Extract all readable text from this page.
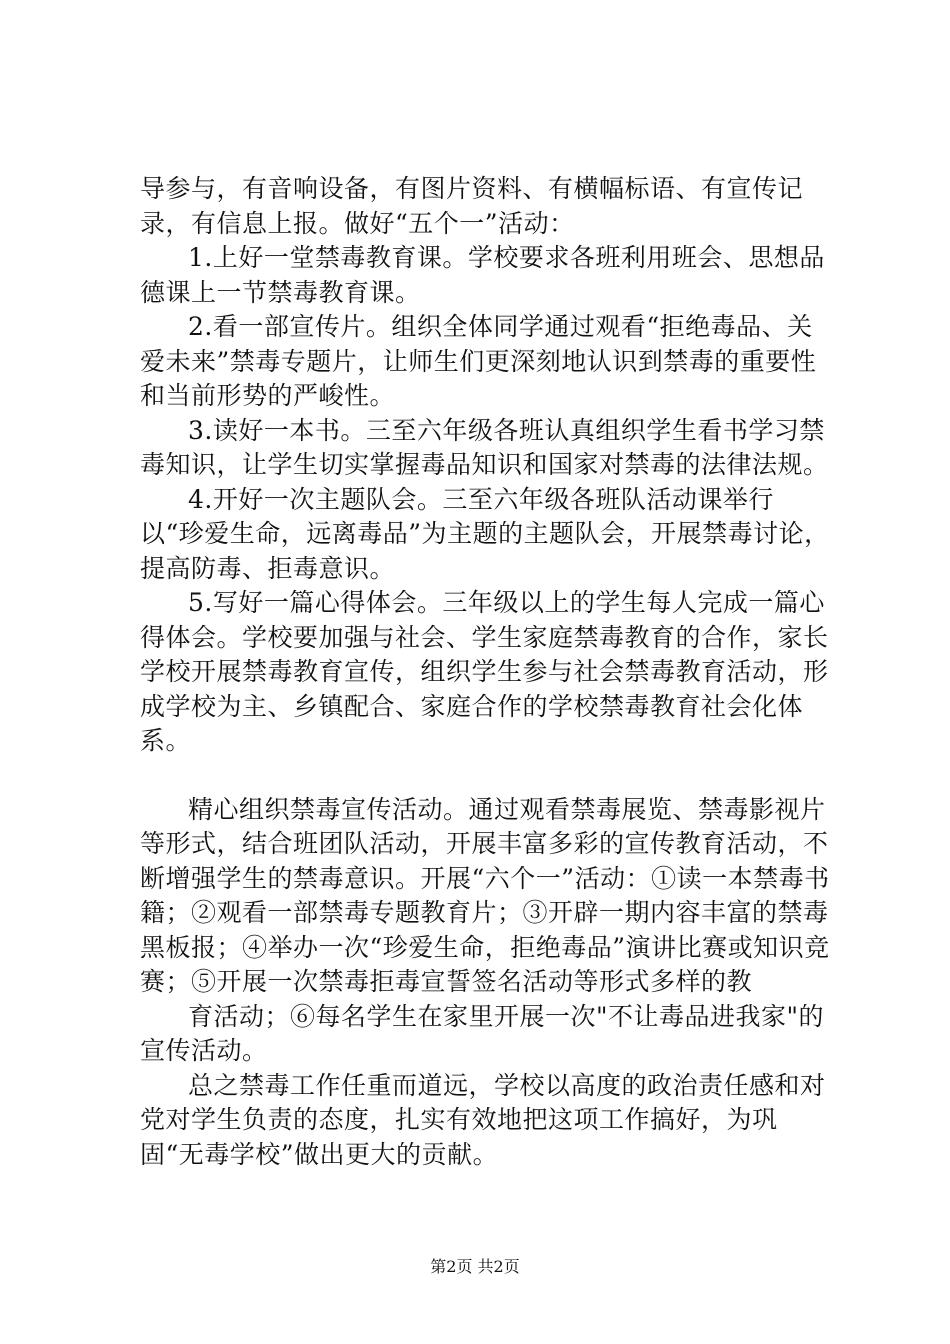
导参与，有音响设备，有图片资料、有横幅标语、有宣传记录，有信息上报。做好“五个一”活动：

1.上好一堂禁毒教育课。学校要求各班利用班会、思想品德课上一节禁毒教育课。

2.看一部宣传片。组织全体同学通过观看“拒绝毒品、关爱未来”禁毒专题片，让师生们更深刻地认识到禁毒的重要性和当前形势的严峻性。

3.读好一本书。三至六年级各班认真组织学生看书学习禁毒知识，让学生切实掌握毒品知识和国家对禁毒的法律法规。

4.开好一次主题队会。三至六年级各班队活动课举行以“珍爱生命，远离毒品”为主题的主题队会，开展禁毒讨论，提高防毒、拒毒意识。

5.写好一篇心得体会。三年级以上的学生每人完成一篇心得体会。学校要加强与社会、学生家庭禁毒教育的合作，家长学校开展禁毒教育宣传，组织学生参与社会禁毒教育活动，形成学校为主、乡镇配合、家庭合作的学校禁毒教育社会化体系。

精心组织禁毒宣传活动。通过观看禁毒展览、禁毒影视片等形式，结合班团队活动，开展丰富多彩的宣传教育活动，不断增强学生的禁毒意识。开展“六个一”活动：①读一本禁毒书籍；②观看一部禁毒专题教育片；③开辟一期内容丰富的禁毒黑板报；④举办一次“珍爱生命，拒绝毒品”演讲比赛或知识竞赛；⑤开展一次禁毒拒毒宣誓签名活动等形式多样的教

育活动；⑥每名学生在家里开展一次"不让毒品进我家"的宣传活动。

总之禁毒工作任重而道远，学校以高度的政治责任感和对党对学生负责的态度，扎实有效地把这项工作搞好，为巩固“无毒学校”做出更大的贡献。

第2页 共2页
